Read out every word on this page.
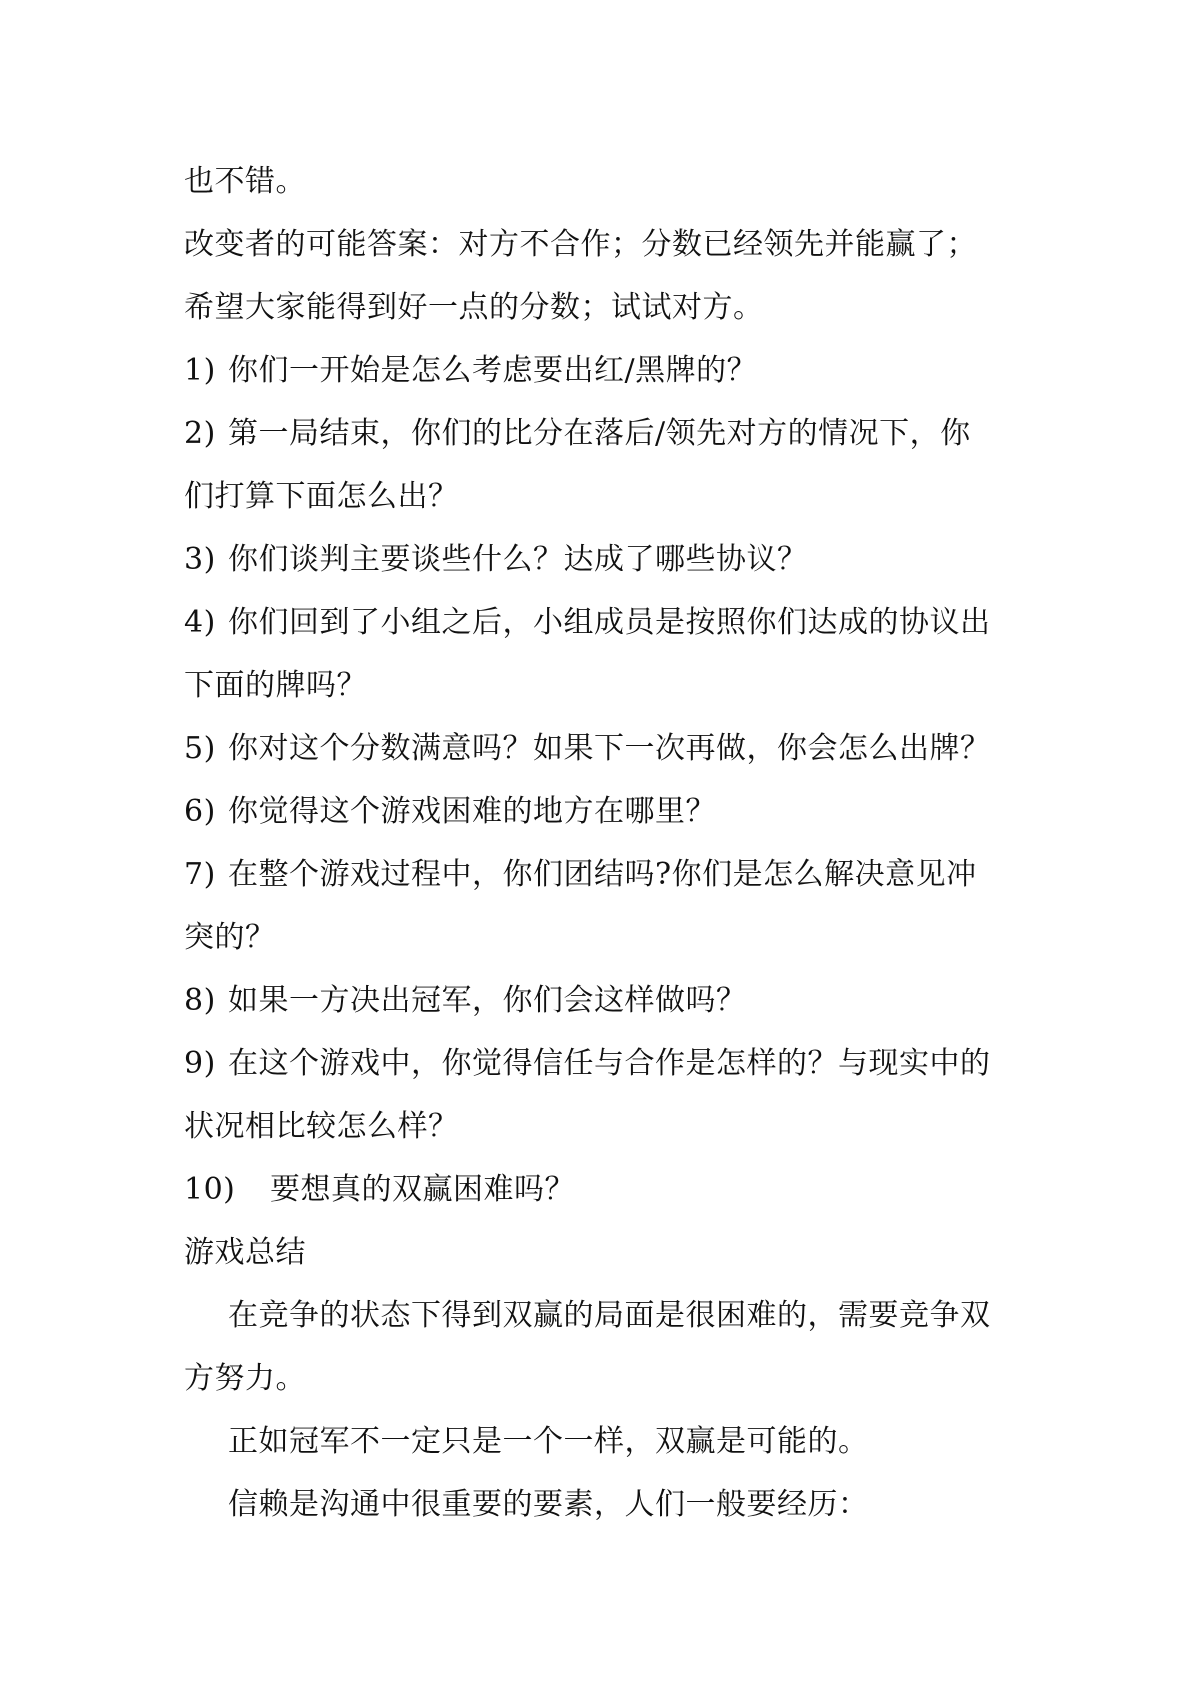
也不错。
改变者的可能答案：对方不合作；分数已经领先并能赢了；
希望大家能得到好一点的分数；试试对方。
1) 你们一开始是怎么考虑要出红/黑牌的？
2) 第一局结束，你们的比分在落后/领先对方的情况下，你
们打算下面怎么出？
3) 你们谈判主要谈些什么？达成了哪些协议？
4) 你们回到了小组之后，小组成员是按照你们达成的协议出
下面的牌吗？
5) 你对这个分数满意吗？如果下一次再做，你会怎么出牌？
6) 你觉得这个游戏困难的地方在哪里？
7) 在整个游戏过程中，你们团结吗?你们是怎么解决意见冲
突的？
8) 如果一方决出冠军，你们会这样做吗？
9) 在这个游戏中，你觉得信任与合作是怎样的？与现实中的
状况相比较怎么样？
10) 要想真的双赢困难吗？
游戏总结
在竞争的状态下得到双赢的局面是很困难的，需要竞争双
方努力。
正如冠军不一定只是一个一样，双赢是可能的。
信赖是沟通中很重要的要素，人们一般要经历：
